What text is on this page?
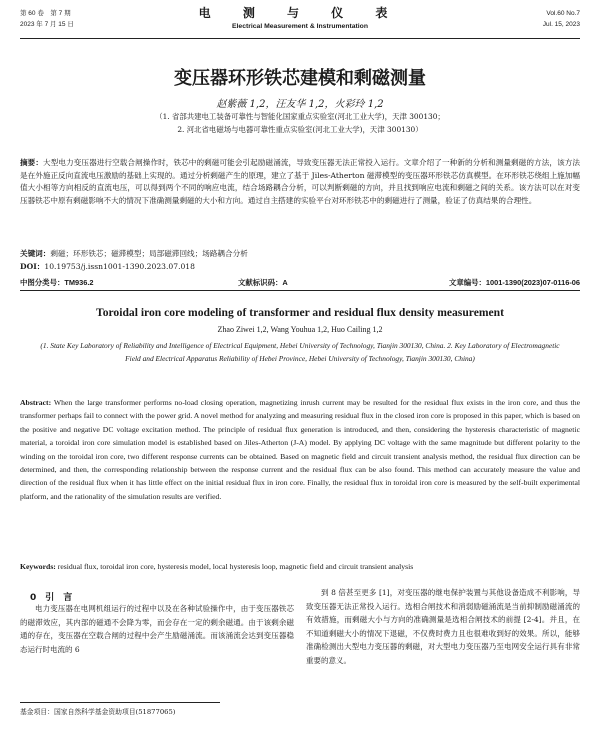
第 60 卷　第 7 期
2023 年 7 月 15 日
电 测 与 仪 表
Electrical Measurement & Instrumentation
Vol.60 No.7
Jul. 15, 2023
变压器环形铁芯建模和剩磁测量
赵紫薇 1,2，汪友华 1,2，火彩玲 1,2
（1. 省部共建电工装备可靠性与智能化国家重点实验室(河北工业大学)，天津 300130；
2. 河北省电磁场与电器可靠性重点实验室(河北工业大学)，天津 300130）
摘要：大型电力变压器进行空载合闸操作时，铁芯中的剩磁可能会引起励磁涌流，导致变压器无法正常投入运行。文章介绍了一种新的分析和测量剩磁的方法，该方法是在外施正反向直流电压激励的基础上实现的。通过分析剩磁产生的原理，建立了基于 Jiles-Atherton 磁滞模型的变压器环形铁芯仿真模型。在环形铁芯绕组上施加幅值大小相等方向相反的直流电压，可以得到两个不同的响应电流，结合场路耦合分析，可以判断剩磁的方向，并且找到响应电流和剩磁之间的关系。该方法可以在对变压器铁芯中原有剩磁影响不大的情况下准确测量剩磁的大小和方向。通过自主搭建的实验平台对环形铁芯中的剩磁进行了测量，验证了仿真结果的合理性。
关键词：剩磁；环形铁芯；磁滞模型；局部磁滞回线；场路耦合分析
DOI：10.19753/j.issn1001-1390.2023.07.018
中图分类号：TM936.2	文献标识码：A	文章编号：1001-1390(2023)07-0116-06
Toroidal iron core modeling of transformer and residual flux density measurement
Zhao Ziwei 1,2, Wang Youhua 1,2, Huo Cailing 1,2
(1. State Key Laboratory of Reliability and Intelligence of Electrical Equipment, Hebei University of Technology, Tianjin 300130, China. 2. Key Laboratory of Electromagnetic Field and Electrical Apparatus Reliability of Hebei Province, Hebei University of Technology, Tianjin 300130, China)
Abstract: When the large transformer performs no-load closing operation, magnetizing inrush current may be resulted for the residual flux exists in the iron core, and thus the transformer perhaps fail to connect with the power grid. A novel method for analyzing and measuring residual flux in the closed iron core is proposed in this paper, which is based on the positive and negative DC voltage excitation method. The principle of residual flux generation is introduced, and then, considering the hysteresis characteristic of magnetic material, a toroidal iron core simulation model is established based on Jiles-Atherton (J-A) model. By applying DC voltage with the same magnitude but different polarity to the winding on the toroidal iron core, two different response currents can be obtained. Based on magnetic field and circuit transient analysis method, the residual flux direction can be determined, and then, the corresponding relationship between the response current and the residual flux can be also found. This method can accurately measure the value and direction of the residual flux when it has little effect on the initial residual flux in iron core. Finally, the residual flux in toroidal iron core is measured by the self-built experimental platform, and the rationality of the simulation results are verified.
Keywords: residual flux, toroidal iron core, hysteresis model, local hysteresis loop, magnetic field and circuit transient analysis
0　引　言
电力变压器在电网机组运行的过程中以及在各种试验操作中，由于变压器铁芯的磁滞效应，其内部的磁通不会降为零，而会存在一定的剩余磁通。由于该剩余磁通的存在，变压器在空载合闸的过程中会产生励磁涌流。而该涌流会达到变压器稳态运行时电流的 6
到 8 倍甚至更多 [1]，对变压器的继电保护装置与其他设备造成不利影响，导致变压器无法正常投入运行。选相合闸技术和消弱励磁涌流是当前抑制励磁涌流的有效措施，而剩磁大小与方向的准确测量是选相合闸技术的前提 [2-4]。并且，在不知道剩磁大小的情况下退磁，不仅费时费力且也很难收到好的效果。所以，能够准确检测出大型电力变压器的剩磁，对大型电力变压器乃至电网安全运行具有非常重要的意义。
基金项目：国家自然科学基金资助项目(51877065)
